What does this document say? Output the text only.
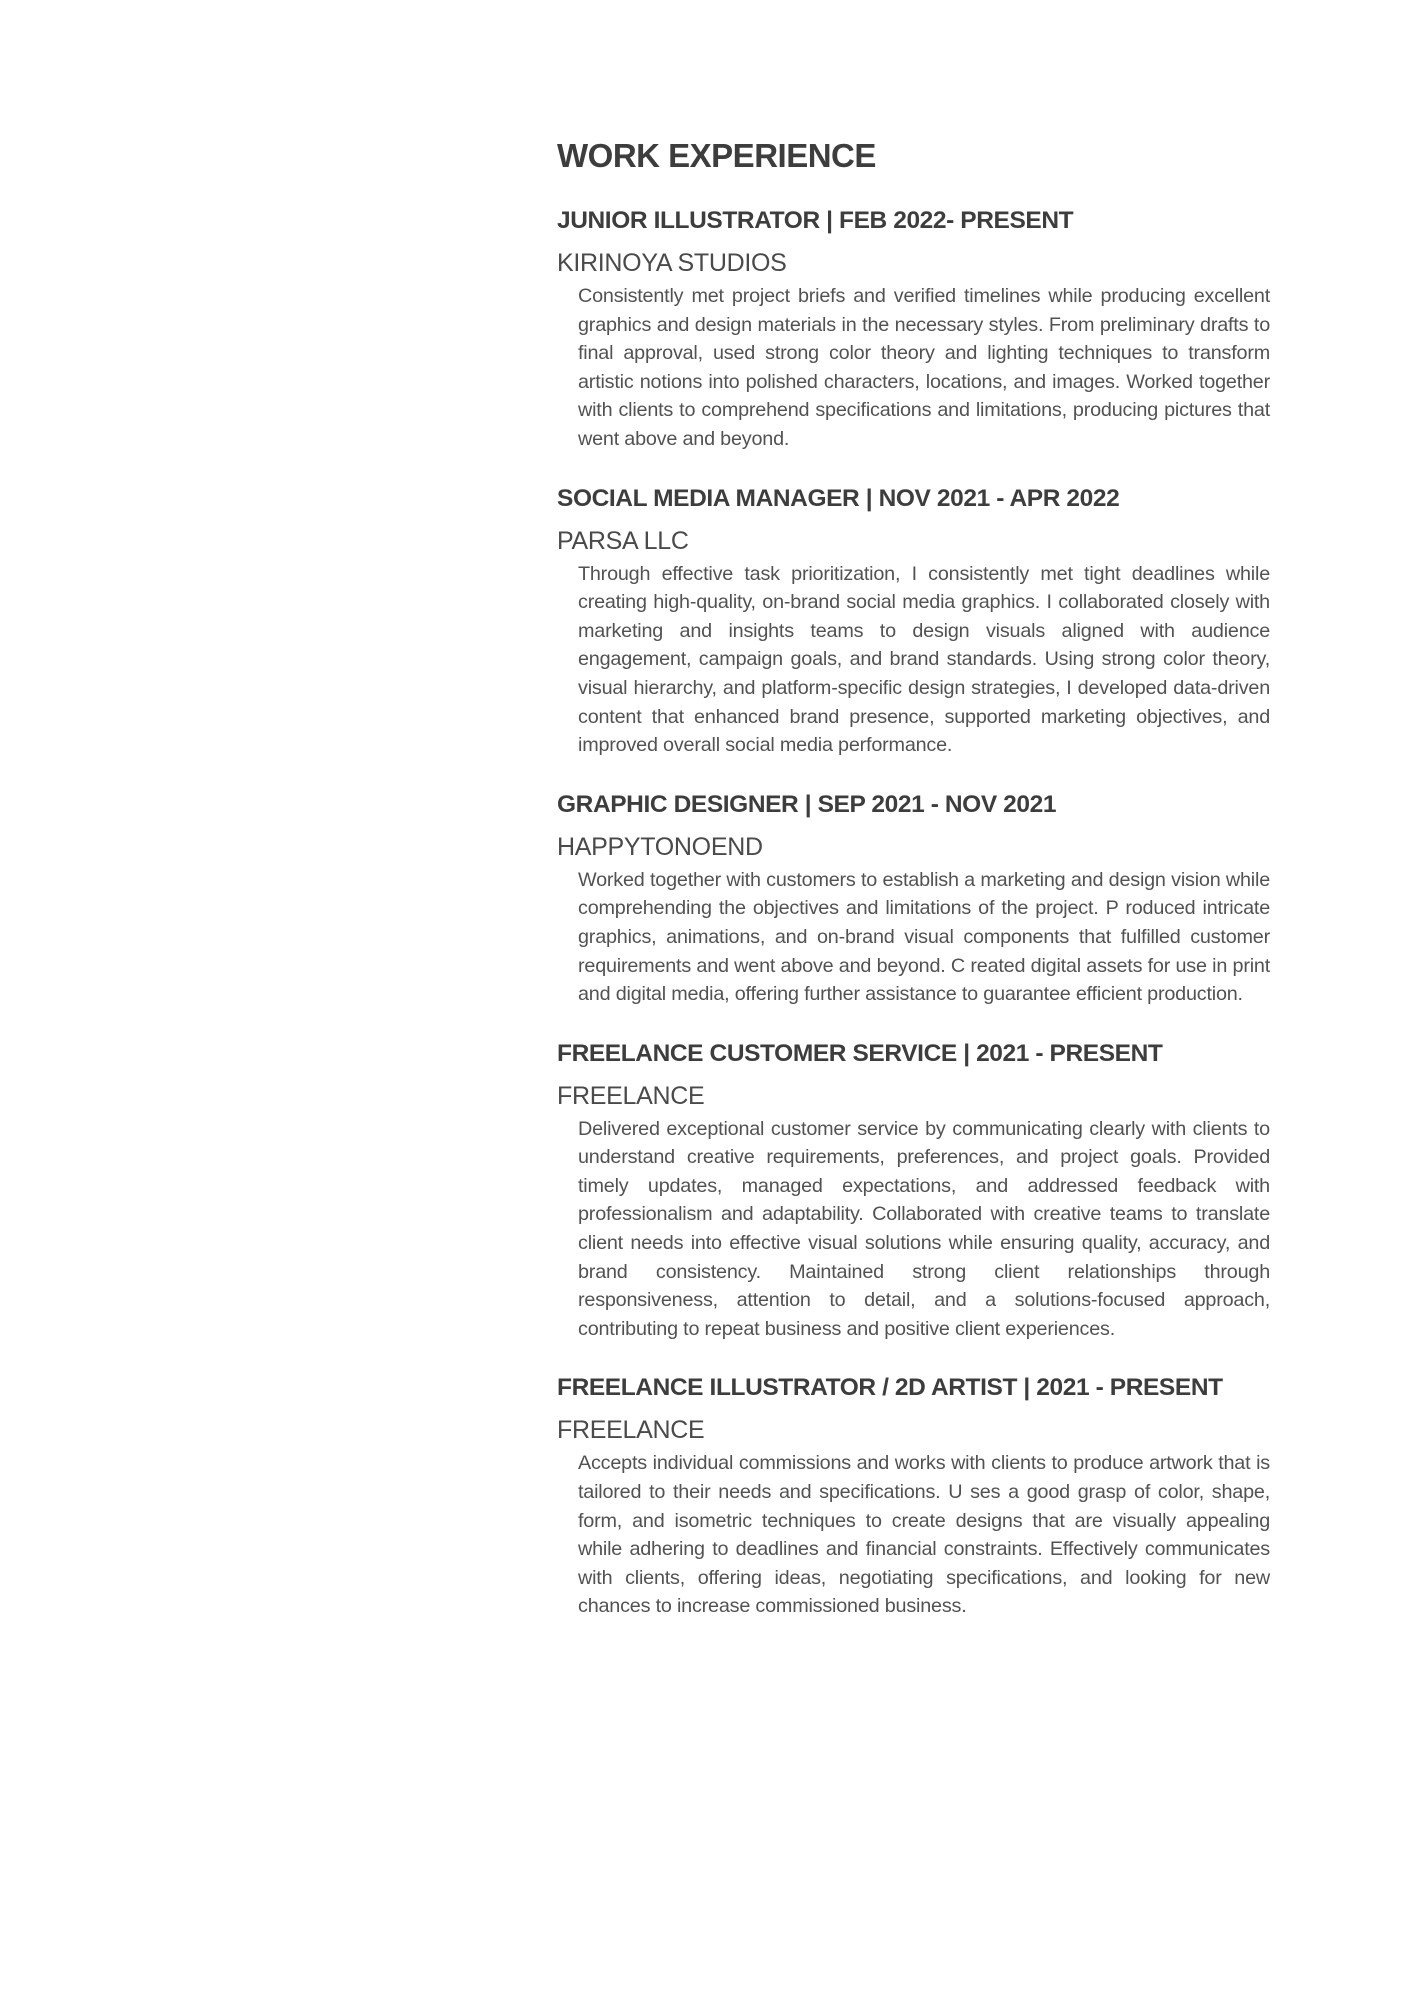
WORK EXPERIENCE
JUNIOR ILLUSTRATOR | FEB 2022- PRESENT
KIRINOYA STUDIOS

Consistently met project briefs and verified timelines while producing excellent graphics and design materials in the necessary styles. From preliminary drafts to final approval, used strong color theory and lighting techniques to transform artistic notions into polished characters, locations, and images. Worked together with clients to comprehend specifications and limitations, producing pictures that went above and beyond.

SOCIAL MEDIA MANAGER | NOV 2021 - APR 2022
PARSA LLC

Through effective task prioritization, I consistently met tight deadlines while creating high-quality, on-brand social media graphics. I collaborated closely with marketing and insights teams to design visuals aligned with audience engagement, campaign goals, and brand standards. Using strong color theory, visual hierarchy, and platform-specific design strategies, I developed data-driven content that enhanced brand presence, supported marketing objectives, and improved overall social media performance.

GRAPHIC DESIGNER | SEP 2021 - NOV 2021
HAPPYTONOEND

Worked together with customers to establish a marketing and design vision while comprehending the objectives and limitations of the project. P roduced intricate graphics, animations, and on-brand visual components that fulfilled customer requirements and went above and beyond. C reated digital assets for use in print and digital media, offering further assistance to guarantee efficient production.

FREELANCE CUSTOMER SERVICE | 2021 - PRESENT
FREELANCE

Delivered exceptional customer service by communicating clearly with clients to understand creative requirements, preferences, and project goals. Provided timely updates, managed expectations, and addressed feedback with professionalism and adaptability. Collaborated with creative teams to translate client needs into effective visual solutions while ensuring quality, accuracy, and brand consistency. Maintained strong client relationships through responsiveness, attention to detail, and a solutions-focused approach, contributing to repeat business and positive client experiences.

FREELANCE ILLUSTRATOR / 2D ARTIST | 2021 - PRESENT
FREELANCE

Accepts individual commissions and works with clients to produce artwork that is tailored to their needs and specifications. U ses a good grasp of color, shape, form, and isometric techniques to create designs that are visually appealing while adhering to deadlines and financial constraints. Effectively communicates with clients, offering ideas, negotiating specifications, and looking for new chances to increase commissioned business.
